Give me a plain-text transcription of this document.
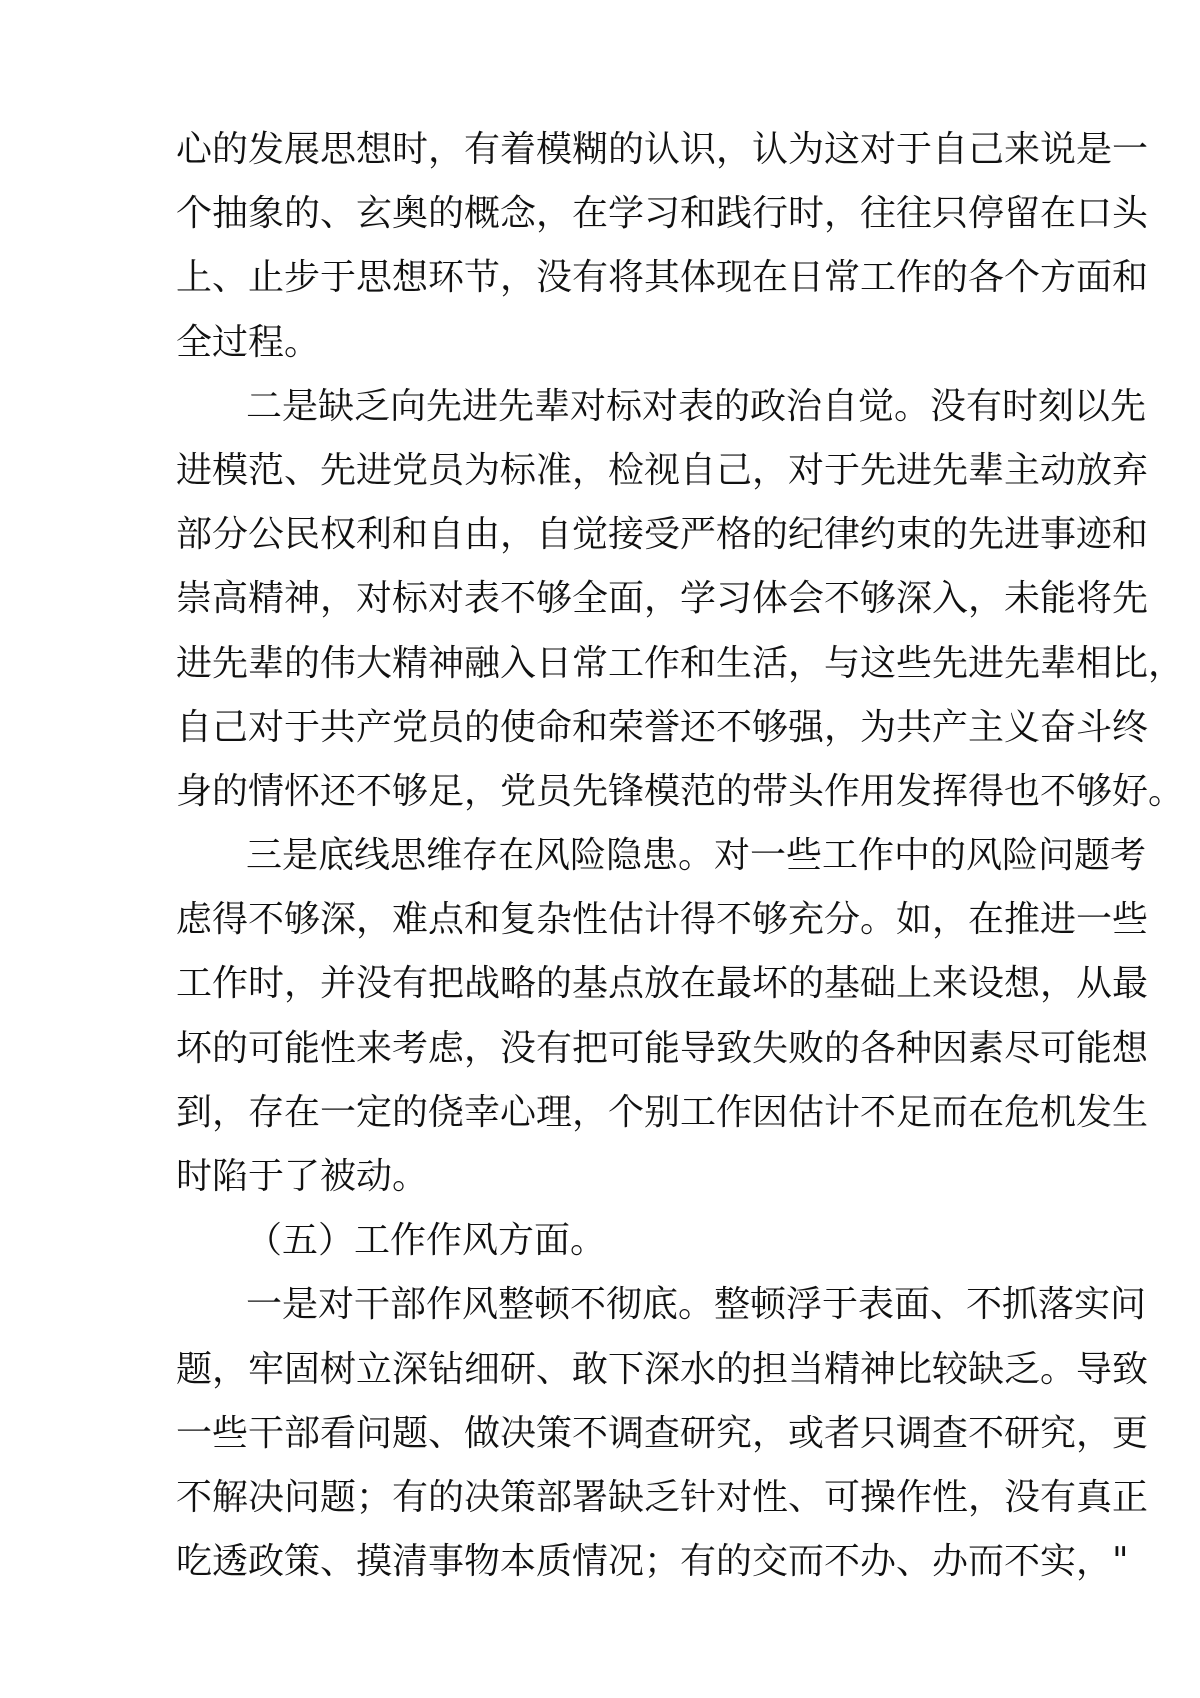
心的发展思想时，有着模糊的认识，认为这对于自己来说是一
个抽象的、玄奥的概念，在学习和践行时，往往只停留在口头
上、止步于思想环节，没有将其体现在日常工作的各个方面和
全过程。
二是缺乏向先进先辈对标对表的政治自觉。没有时刻以先
进模范、先进党员为标准，检视自己，对于先进先辈主动放弃
部分公民权利和自由，自觉接受严格的纪律约束的先进事迹和
崇高精神，对标对表不够全面，学习体会不够深入，未能将先
进先辈的伟大精神融入日常工作和生活，与这些先进先辈相比，
自己对于共产党员的使命和荣誉还不够强，为共产主义奋斗终
身的情怀还不够足，党员先锋模范的带头作用发挥得也不够好。
三是底线思维存在风险隐患。对一些工作中的风险问题考
虑得不够深，难点和复杂性估计得不够充分。如，在推进一些
工作时，并没有把战略的基点放在最坏的基础上来设想，从最
坏的可能性来考虑，没有把可能导致失败的各种因素尽可能想
到，存在一定的侥幸心理，个别工作因估计不足而在危机发生
时陷于了被动。
（五）工作作风方面。
一是对干部作风整顿不彻底。整顿浮于表面、不抓落实问
题，牢固树立深钻细研、敢下深水的担当精神比较缺乏。导致
一些干部看问题、做决策不调查研究，或者只调查不研究，更
不解决问题；有的决策部署缺乏针对性、可操作性，没有真正
吃透政策、摸清事物本质情况；有的交而不办、办而不实，"
